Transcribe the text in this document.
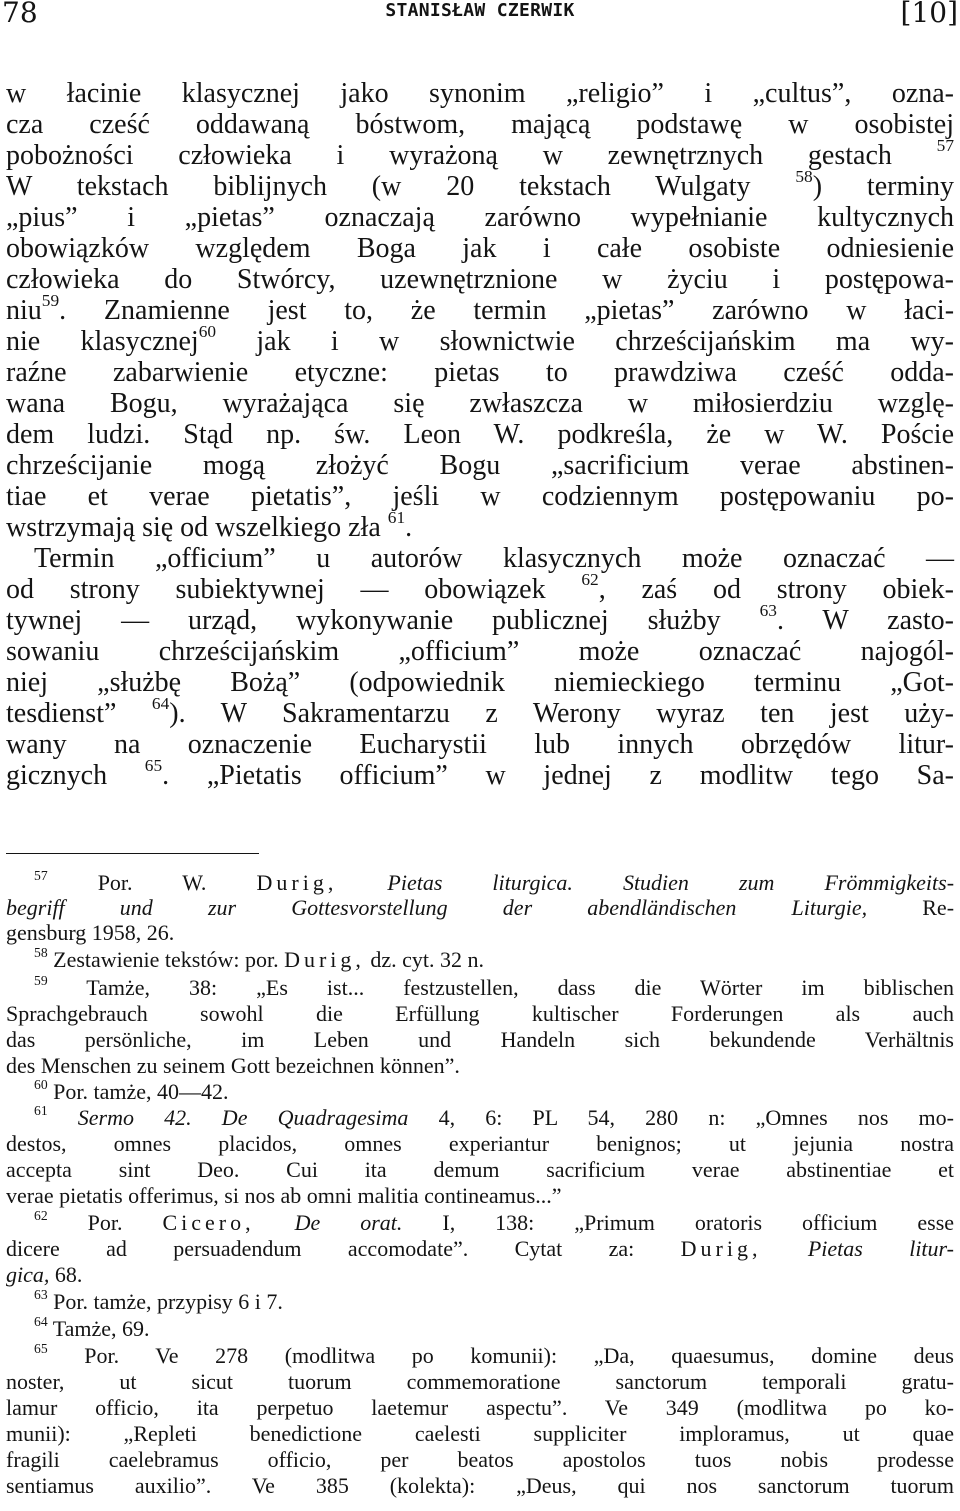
78	STANISŁAW CZERWIK	[10]
w łacinie klasycznej jako synonim „religio” i „cultus”, ozna-
cza cześć oddawaną bóstwom, mającą podstawę w osobistej
pobożności człowieka i wyrażoną w zewnętrznych gestach	$^{57}$
W tekstach biblijnych (w 20 tekstach Wulgaty	$^{58}$) terminy
„pius” i „pietas” oznaczają zarówno wypełnianie kultycznych
obowiązków względem Boga jak i całe osobiste odniesienie
człowieka do Stwórcy, uzewnętrznione w życiu i postępowa-
niu$^{59}$. Znamienne jest to, że termin „pietas” zarówno w łaci-
nie klasycznej$^{60}$ jak i w słownictwie chrześcijańskim ma wy-
raźne zabarwienie etyczne: pietas to prawdziwa cześć odda-
wana Bogu, wyrażająca się zwłaszcza w miłosierdziu wzglę-
dem ludzi. Stąd np. św. Leon W. podkreśla, że w W. Poście
chrześcijanie mogą złożyć Bogu „sacrificium verae abstinen-
tiae et verae pietatis”, jeśli w codziennym postępowaniu po-
wstrzymają się od wszelkiego zła $^{61}$.
Termin „officium” u autorów klasycznych może oznaczać —
od strony subiektywnej — obowiązek $^{62}$, zaś od strony obiek-
tywnej — urząd, wykonywanie publicznej służby $^{63}$. W zasto-
sowaniu chrześcijańskim „officium” może oznaczać najogól-
niej „służbę Bożą” (odpowiednik niemieckiego terminu „Got-
tesdienst” $^{64}$). W Sakramentarzu z Werony wyraz ten jest uży-
wany na oznaczenie Eucharystii lub innych obrzędów litur-
gicznych $^{65}$. „Pietatis officium” w jednej z modlitw tego Sa-
$^{57}$ Por. W. Durig, Pietas liturgica. Studien zum Frömmigkeits-
begriff und zur Gottesvorstellung der abendländischen Liturgie,	Re-
gensburg 1958, 26.
$^{58}$ Zestawienie tekstów: por. Durig, dz. cyt. 32 n.
$^{59}$ Tamże, 38: „Es ist... festzustellen, dass die Wörter im biblischen
Sprachgebrauch sowohl die Erfüllung kultischer Forderungen als auch
das persönliche, im Leben und Handeln sich bekundende Verhältnis
des Menschen zu seinem Gott bezeichnen können”.
$^{60}$ Por. tamże, 40—42.
$^{61}$ Sermo 42. De Quadragesima 4, 6: PL 54, 280 n: „Omnes nos mo-
destos, omnes placidos, omnes experiantur benignos; ut jejunia nostra
accepta sint Deo. Cui ita demum sacrificium verae abstinentiae et
verae pietatis offerimus, si nos ab omni malitia contineamus...”
$^{62}$ Por. Cicero, De orat. I, 138: „Primum oratoris officium esse
dicere ad persuadendum accomodate”. Cytat za: Durig, Pietas litur-
gica, 68.
$^{63}$ Por. tamże, przypisy 6 i 7.
$^{64}$ Tamże, 69.
$^{65}$ Por. Ve 278 (modlitwa po komunii): „Da, quaesumus, domine deus
noster, ut sicut tuorum commemoratione sanctorum temporali gratu-
lamur officio, ita perpetuo laetemur aspectu”. Ve 349 (modlitwa po ko-
munii): „Repleti benedictione caelesti suppliciter imploramus, ut quae
fragili caelebramus officio, per beatos apostolos tuos nobis prodesse
sentiamus auxilio”. Ve 385 (kolekta): „Deus, qui nos sanctorum tuorum
